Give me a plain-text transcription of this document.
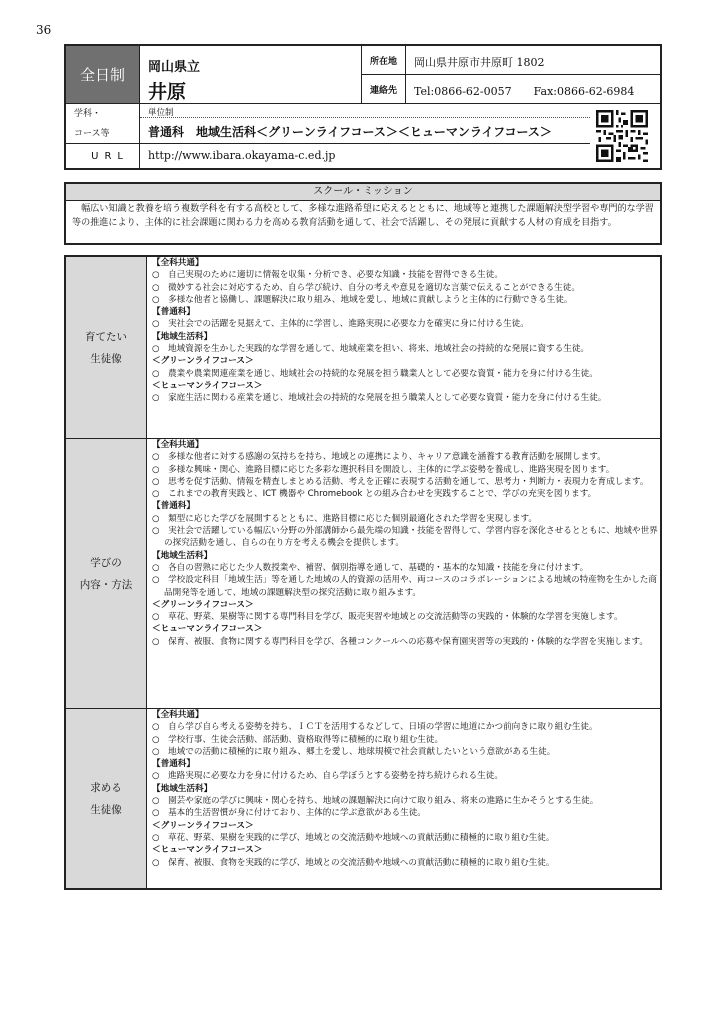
36
全日制	岡山県立
井原
所在地
連絡先
岡山県井原市井原町 1802
Tel:0866-62-0057　　Fax:0866-62-6984
学科・
コース等
単位制
普通科　地域生活科＜グリーンライフコース＞＜ヒューマンライフコース＞
URL	http://www.ibara.okayama-c.ed.jp
スクール・ミッション
　幅広い知識と教養を培う複数学科を有する高校として、多様な進路希望に応えるとともに、地域等と連携した課題解決型学習や専門的な学習等の推進により、主体的に社会課題に関わる力を高める教育活動を通して、社会で活躍し、その発展に貢献する人材の育成を目指す。
育てたい
生徒像
【全科共通】
○　自己実現のために適切に情報を収集・分析でき、必要な知識・技能を習得できる生徒。
○　微妙する社会に対応するため、自ら学び続け、自分の考えや意見を適切な言葉で伝えることができる生徒。
○　多様な他者と協働し、課題解決に取り組み、地域を愛し、地域に貢献しようと主体的に行動できる生徒。
【普通科】
○　実社会での活躍を見据えて、主体的に学習し、進路実現に必要な力を確実に身に付ける生徒。
【地域生活科】
○　地域資源を生かした実践的な学習を通して、地域産業を担い、将来、地域社会の持続的な発展に資する生徒。
＜グリーンライフコース＞
○　農業や農業関連産業を通じ、地域社会の持続的な発展を担う職業人として必要な資質・能力を身に付ける生徒。
＜ヒューマンライフコース＞
○　家庭生活に関わる産業を通じ、地域社会の持続的な発展を担う職業人として必要な資質・能力を身に付ける生徒。
学びの
内容・方法
【全科共通】
○　多様な他者に対する感謝の気持ちを持ち、地域との連携により、キャリア意識を涵養する教育活動を展開します。
○　多様な興味・関心、進路目標に応じた多彩な選択科目を開設し、主体的に学ぶ姿勢を養成し、進路実現を図ります。
○　思考を促す活動、情報を精査しまとめる活動、考えを正確に表現する活動を通して、思考力・判断力・表現力を育成します。
○　これまでの教育実践と、ICT 機器や Chromebook との組み合わせを実践することで、学びの充実を図ります。
【普通科】
○　類型に応じた学びを展開するとともに、進路目標に応じた個別最適化された学習を実現します。
○　実社会で活躍している幅広い分野の外部講師から最先端の知識・技能を習得して、学習内容を深化させるとともに、地域や世界の探究活動を通し、自らの在り方を考える機会を提供します。
【地域生活科】
○　各自の習熟に応じた少人数授業や、補習、個別指導を通して、基礎的・基本的な知識・技能を身に付けます。
○　学校設定科目「地域生活」等を通した地域の人的資源の活用や、両コースのコラボレーションによる地域の特産物を生かした商品開発等を通して、地域の課題解決型の探究活動に取り組みます。
＜グリーンライフコース＞
○　草花、野菜、果樹等に関する専門科目を学び、販売実習や地域との交流活動等の実践的・体験的な学習を実施します。
＜ヒューマンライフコース＞
○　保育、被服、食物に関する専門科目を学び、各種コンクールへの応募や保育園実習等の実践的・体験的な学習を実施します。
求める
生徒像
【全科共通】
○　自ら学び自ら考える姿勢を持ち、ＩＣＴを活用するなどして、日頃の学習に地道にかつ前向きに取り組む生徒。
○　学校行事、生徒会活動、部活動、資格取得等に積極的に取り組む生徒。
○　地域での活動に積極的に取り組み、郷土を愛し、地球規模で社会貢献したいという意欲がある生徒。
【普通科】
○　進路実現に必要な力を身に付けるため、自ら学ぼうとする姿勢を持ち続けられる生徒。
【地域生活科】
○　園芸や家庭の学びに興味・関心を持ち、地域の課題解決に向けて取り組み、将来の進路に生かそうとする生徒。
○　基本的生活習慣が身に付けており、主体的に学ぶ意欲がある生徒。
＜グリーンライフコース＞
○　草花、野菜、果樹を実践的に学び、地域との交流活動や地域への貢献活動に積極的に取り組む生徒。
＜ヒューマンライフコース＞
○　保育、被服、食物を実践的に学び、地域との交流活動や地域への貢献活動に積極的に取り組む生徒。
